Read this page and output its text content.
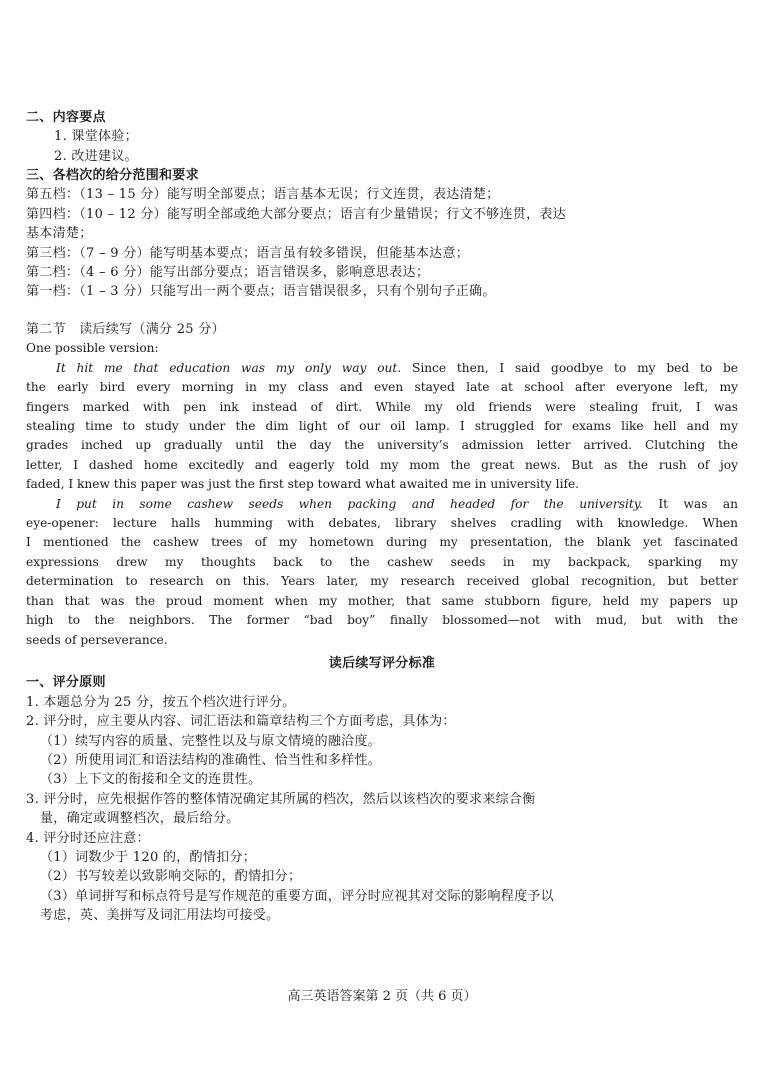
二、内容要点
1. 课堂体验；
2. 改进建议。
三、各档次的给分范围和要求
第五档：（13 – 15 分）能写明全部要点；语言基本无误；行文连贯，表达清楚；
第四档：（10 – 12 分）能写明全部或绝大部分要点；语言有少量错误；行文不够连贯，表达
基本清楚；
第三档：（7 – 9 分）能写明基本要点；语言虽有较多错误，但能基本达意；
第二档：（4 – 6 分）能写出部分要点；语言错误多，影响意思表达；
第一档：（1 – 3 分）只能写出一两个要点；语言错误很多，只有个别句子正确。
第二节　读后续写（满分 25 分）
One possible version:
It hit me that education was my only way out. Since then, I said goodbye to my bed to be
the early bird every morning in my class and even stayed late at school after everyone left, my
fingers marked with pen ink instead of dirt. While my old friends were stealing fruit, I was
stealing time to study under the dim light of our oil lamp. I struggled for exams like hell and my
grades inched up gradually until the day the university’s admission letter arrived. Clutching the
letter, I dashed home excitedly and eagerly told my mom the great news. But as the rush of joy
faded, I knew this paper was just the first step toward what awaited me in university life.
I put in some cashew seeds when packing and headed for the university. It was an
eye-opener: lecture halls humming with debates, library shelves cradling with knowledge. When
I mentioned the cashew trees of my hometown during my presentation, the blank yet fascinated
expressions drew my thoughts back to the cashew seeds in my backpack, sparking my
determination to research on this. Years later, my research received global recognition, but better
than that was the proud moment when my mother, that same stubborn figure, held my papers up
high to the neighbors. The former “bad boy” finally blossomed—not with mud, but with the
seeds of perseverance.
读后续写评分标准
一、评分原则
1. 本题总分为 25 分，按五个档次进行评分。
2. 评分时，应主要从内容、词汇语法和篇章结构三个方面考虑，具体为：
（1）续写内容的质量、完整性以及与原文情境的融洽度。
（2）所使用词汇和语法结构的准确性、恰当性和多样性。
（3）上下文的衔接和全文的连贯性。
3. 评分时，应先根据作答的整体情况确定其所属的档次，然后以该档次的要求来综合衡
量，确定或调整档次，最后给分。
4. 评分时还应注意：
（1）词数少于 120 的，酌情扣分；
（2）书写较差以致影响交际的，酌情扣分；
（3）单词拼写和标点符号是写作规范的重要方面，评分时应视其对交际的影响程度予以
考虑，英、美拼写及词汇用法均可接受。
高三英语答案第 2 页（共 6 页）
